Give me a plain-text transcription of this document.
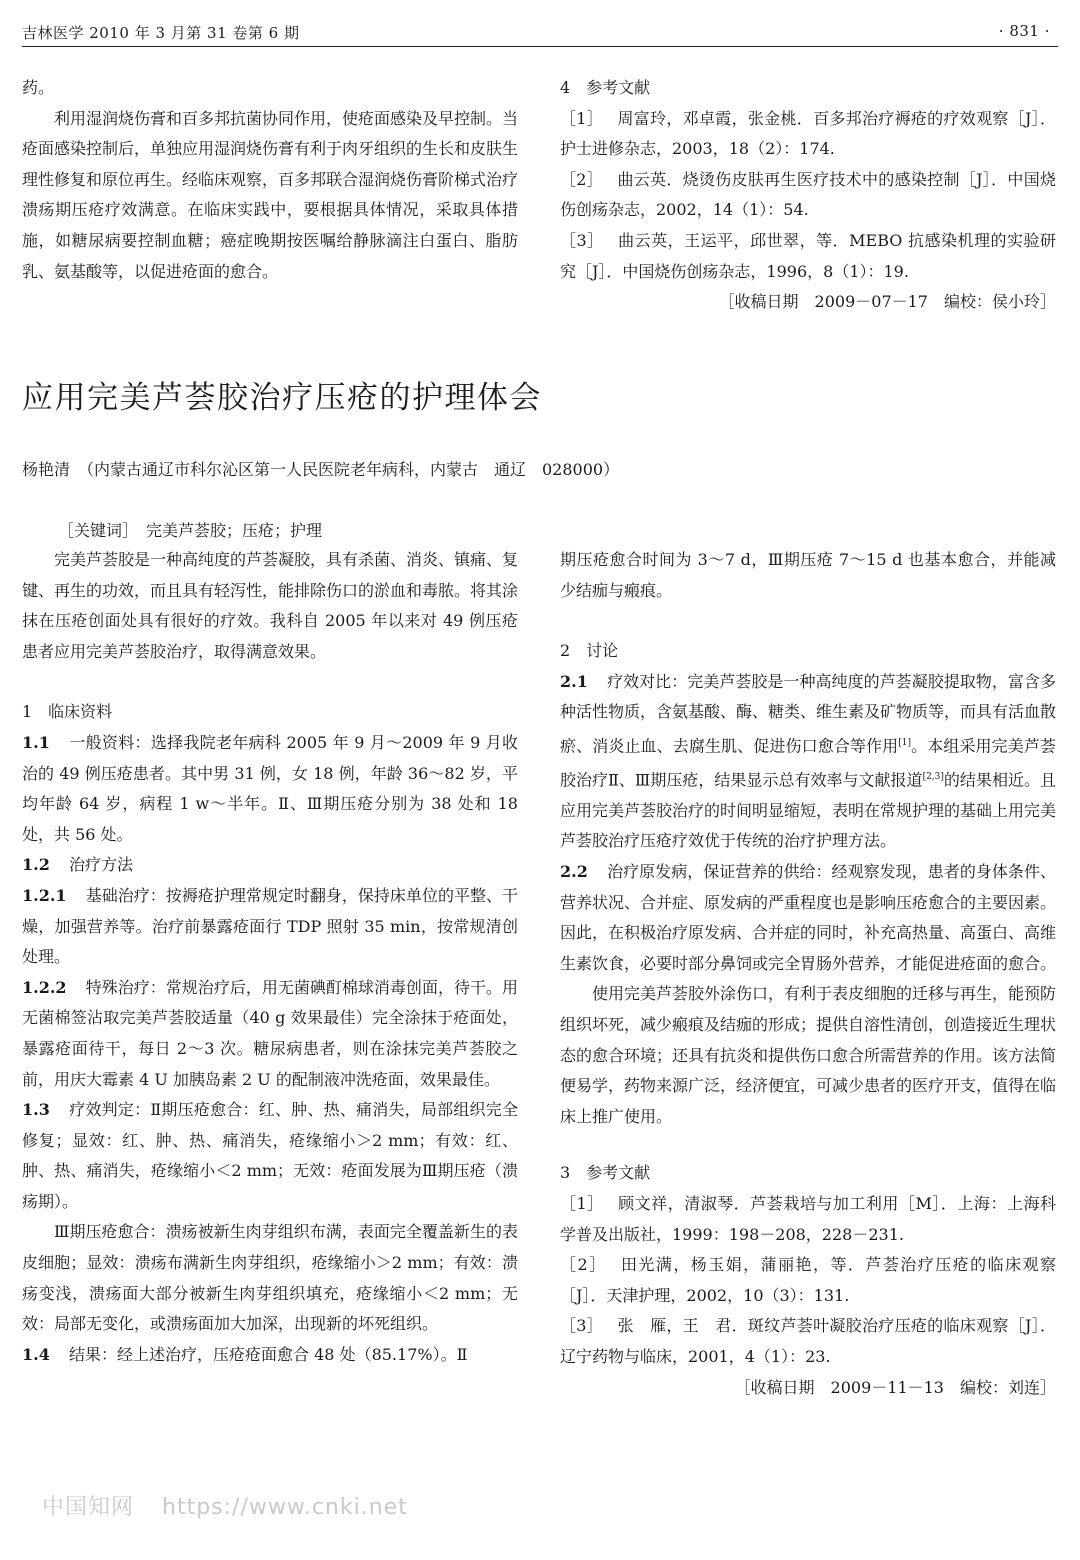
吉林医学 2010 年 3 月第 31 卷第 6 期	· 831 ·

药。

利用湿润烧伤膏和百多邦抗菌协同作用，使疮面感染及早控制。当疮面感染控制后，单独应用湿润烧伤膏有利于肉牙组织的生长和皮肤生理性修复和原位再生。经临床观察，百多邦联合湿润烧伤膏阶梯式治疗溃疡期压疮疗效满意。在临床实践中，要根据具体情况，采取具体措施，如糖尿病要控制血糖；癌症晚期按医嘱给静脉滴注白蛋白、脂肪乳、氨基酸等，以促进疮面的愈合。

4　参考文献

［1］ 周富玲，邓卓霞，张金桃．百多邦治疗褥疮的疗效观察［J］．护士进修杂志，2003，18（2）：174.

［2］ 曲云英．烧烫伤皮肤再生医疗技术中的感染控制［J］．中国烧伤创疡杂志，2002，14（1）：54.

［3］ 曲云英，王运平，邱世翠，等．MEBO 抗感染机理的实验研究［J］．中国烧伤创疡杂志，1996，8（1）：19.

［收稿日期　2009－07－17　编校：侯小玲］

应用完美芦荟胶治疗压疮的护理体会
杨艳清　（内蒙古通辽市科尔沁区第一人民医院老年病科，内蒙古　通辽　028000）
［关键词］　完美芦荟胶；压疮；护理

完美芦荟胶是一种高纯度的芦荟凝胶，具有杀菌、消炎、镇痛、复键、再生的功效，而且具有轻泻性，能排除伤口的淤血和毒脓。将其涂抹在压疮创面处具有很好的疗效。我科自 2005 年以来对 49 例压疮患者应用完美芦荟胶治疗，取得满意效果。

1　临床资料

1.1 一般资料：选择我院老年病科 2005 年 9 月～2009 年 9 月收治的 49 例压疮患者。其中男 31 例，女 18 例，年龄 36～82 岁，平均年龄 64 岁，病程 1 w～半年。Ⅱ、Ⅲ期压疮分别为 38 处和 18 处，共 56 处。

1.2 治疗方法

1.2.1 基础治疗：按褥疮护理常规定时翻身，保持床单位的平整、干燥，加强营养等。治疗前暴露疮面行 TDP 照射 35 min，按常规清创处理。

1.2.2 特殊治疗：常规治疗后，用无菌碘酊棉球消毒创面，待干。用无菌棉签沾取完美芦荟胶适量（40 g 效果最佳）完全涂抹于疮面处，暴露疮面待干，每日 2～3 次。糖尿病患者，则在涂抹完美芦荟胶之前，用庆大霉素 4 U 加胰岛素 2 U 的配制液冲洗疮面，效果最佳。

1.3 疗效判定：Ⅱ期压疮愈合：红、肿、热、痛消失，局部组织完全修复；显效：红、肿、热、痛消失，疮缘缩小＞2 mm；有效：红、肿、热、痛消失，疮缘缩小＜2 mm；无效：疮面发展为Ⅲ期压疮（溃疡期）。

Ⅲ期压疮愈合：溃疡被新生肉芽组织布满，表面完全覆盖新生的表皮细胞；显效：溃疡布满新生肉芽组织，疮缘缩小＞2 mm；有效：溃疡变浅，溃疡面大部分被新生肉芽组织填充，疮缘缩小＜2 mm；无效：局部无变化，或溃疡面加大加深，出现新的坏死组织。

1.4 结果：经上述治疗，压疮疮面愈合 48 处（85.17%）。Ⅱ

期压疮愈合时间为 3～7 d，Ⅲ期压疮 7～15 d 也基本愈合，并能减少结痂与瘢痕。

2　讨论

2.1 疗效对比：完美芦荟胶是一种高纯度的芦荟凝胶提取物，富含多种活性物质，含氨基酸、酶、糖类、维生素及矿物质等，而具有活血散瘀、消炎止血、去腐生肌、促进伤口愈合等作用[1]。本组采用完美芦荟胶治疗Ⅱ、Ⅲ期压疮，结果显示总有效率与文献报道[2,3]的结果相近。且应用完美芦荟胶治疗的时间明显缩短，表明在常规护理的基础上用完美芦荟胶治疗压疮疗效优于传统的治疗护理方法。

2.2 治疗原发病，保证营养的供给：经观察发现，患者的身体条件、营养状况、合并症、原发病的严重程度也是影响压疮愈合的主要因素。因此，在积极治疗原发病、合并症的同时，补充高热量、高蛋白、高维生素饮食，必要时部分鼻饲或完全胃肠外营养，才能促进疮面的愈合。

使用完美芦荟胶外涂伤口，有利于表皮细胞的迁移与再生，能预防组织坏死，减少瘢痕及结痂的形成；提供自溶性清创，创造接近生理状态的愈合环境；还具有抗炎和提供伤口愈合所需营养的作用。该方法简便易学，药物来源广泛，经济便宜，可减少患者的医疗开支，值得在临床上推广使用。

3　参考文献

［1］ 顾文祥，清淑琴．芦荟栽培与加工利用［M］．上海：上海科学普及出版社，1999：198－208，228－231.

［2］ 田光满，杨玉娟，蒲丽艳，等．芦荟治疗压疮的临床观察［J］．天津护理，2002，10（3）：131.

［3］ 张　雁，王　君．斑纹芦荟叶凝胶治疗压疮的临床观察［J］．辽宁药物与临床，2001，4（1）：23.

［收稿日期　2009－11－13　编校：刘连］

中国知网 https://www.cnki.net
